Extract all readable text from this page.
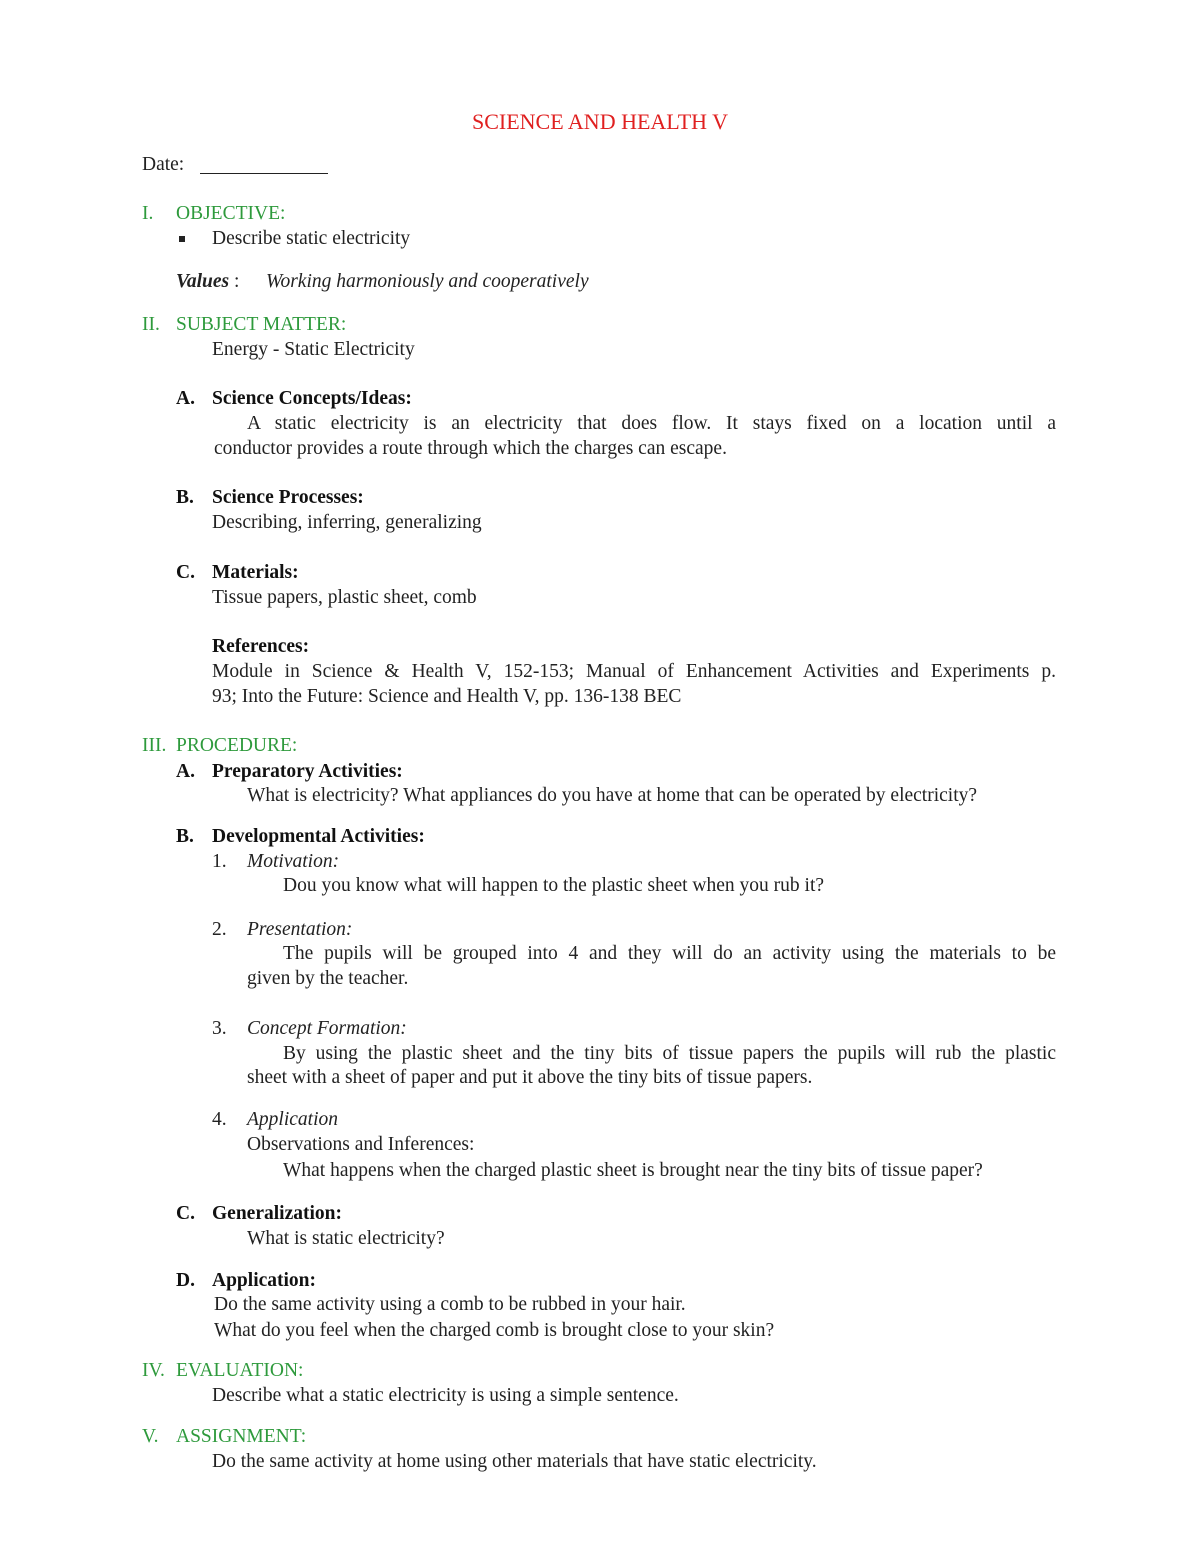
SCIENCE AND HEALTH V
Date:
I. OBJECTIVE:
Describe static electricity
Values : Working harmoniously and cooperatively
II. SUBJECT MATTER:
Energy - Static Electricity
A. Science Concepts/Ideas:
A static electricity is an electricity that does flow. It stays fixed on a location until a
conductor provides a route through which the charges can escape.
B. Science Processes:
Describing, inferring, generalizing
C. Materials:
Tissue papers, plastic sheet, comb
References:
Module in Science & Health V, 152-153; Manual of Enhancement Activities and Experiments p.
93; Into the Future: Science and Health V, pp. 136-138 BEC
III. PROCEDURE:
A. Preparatory Activities:
What is electricity? What appliances do you have at home that can be operated by electricity?
B. Developmental Activities:
1. Motivation:
Dou you know what will happen to the plastic sheet when you rub it?
2. Presentation:
The pupils will be grouped into 4 and they will do an activity using the materials to be
given by the teacher.
3. Concept Formation:
By using the plastic sheet and the tiny bits of tissue papers the pupils will rub the plastic
sheet with a sheet of paper and put it above the tiny bits of tissue papers.
4. Application
Observations and Inferences:
What happens when the charged plastic sheet is brought near the tiny bits of tissue paper?
C. Generalization:
What is static electricity?
D. Application:
Do the same activity using a comb to be rubbed in your hair.
What do you feel when the charged comb is brought close to your skin?
IV. EVALUATION:
Describe what a static electricity is using a simple sentence.
V. ASSIGNMENT:
Do the same activity at home using other materials that have static electricity.
